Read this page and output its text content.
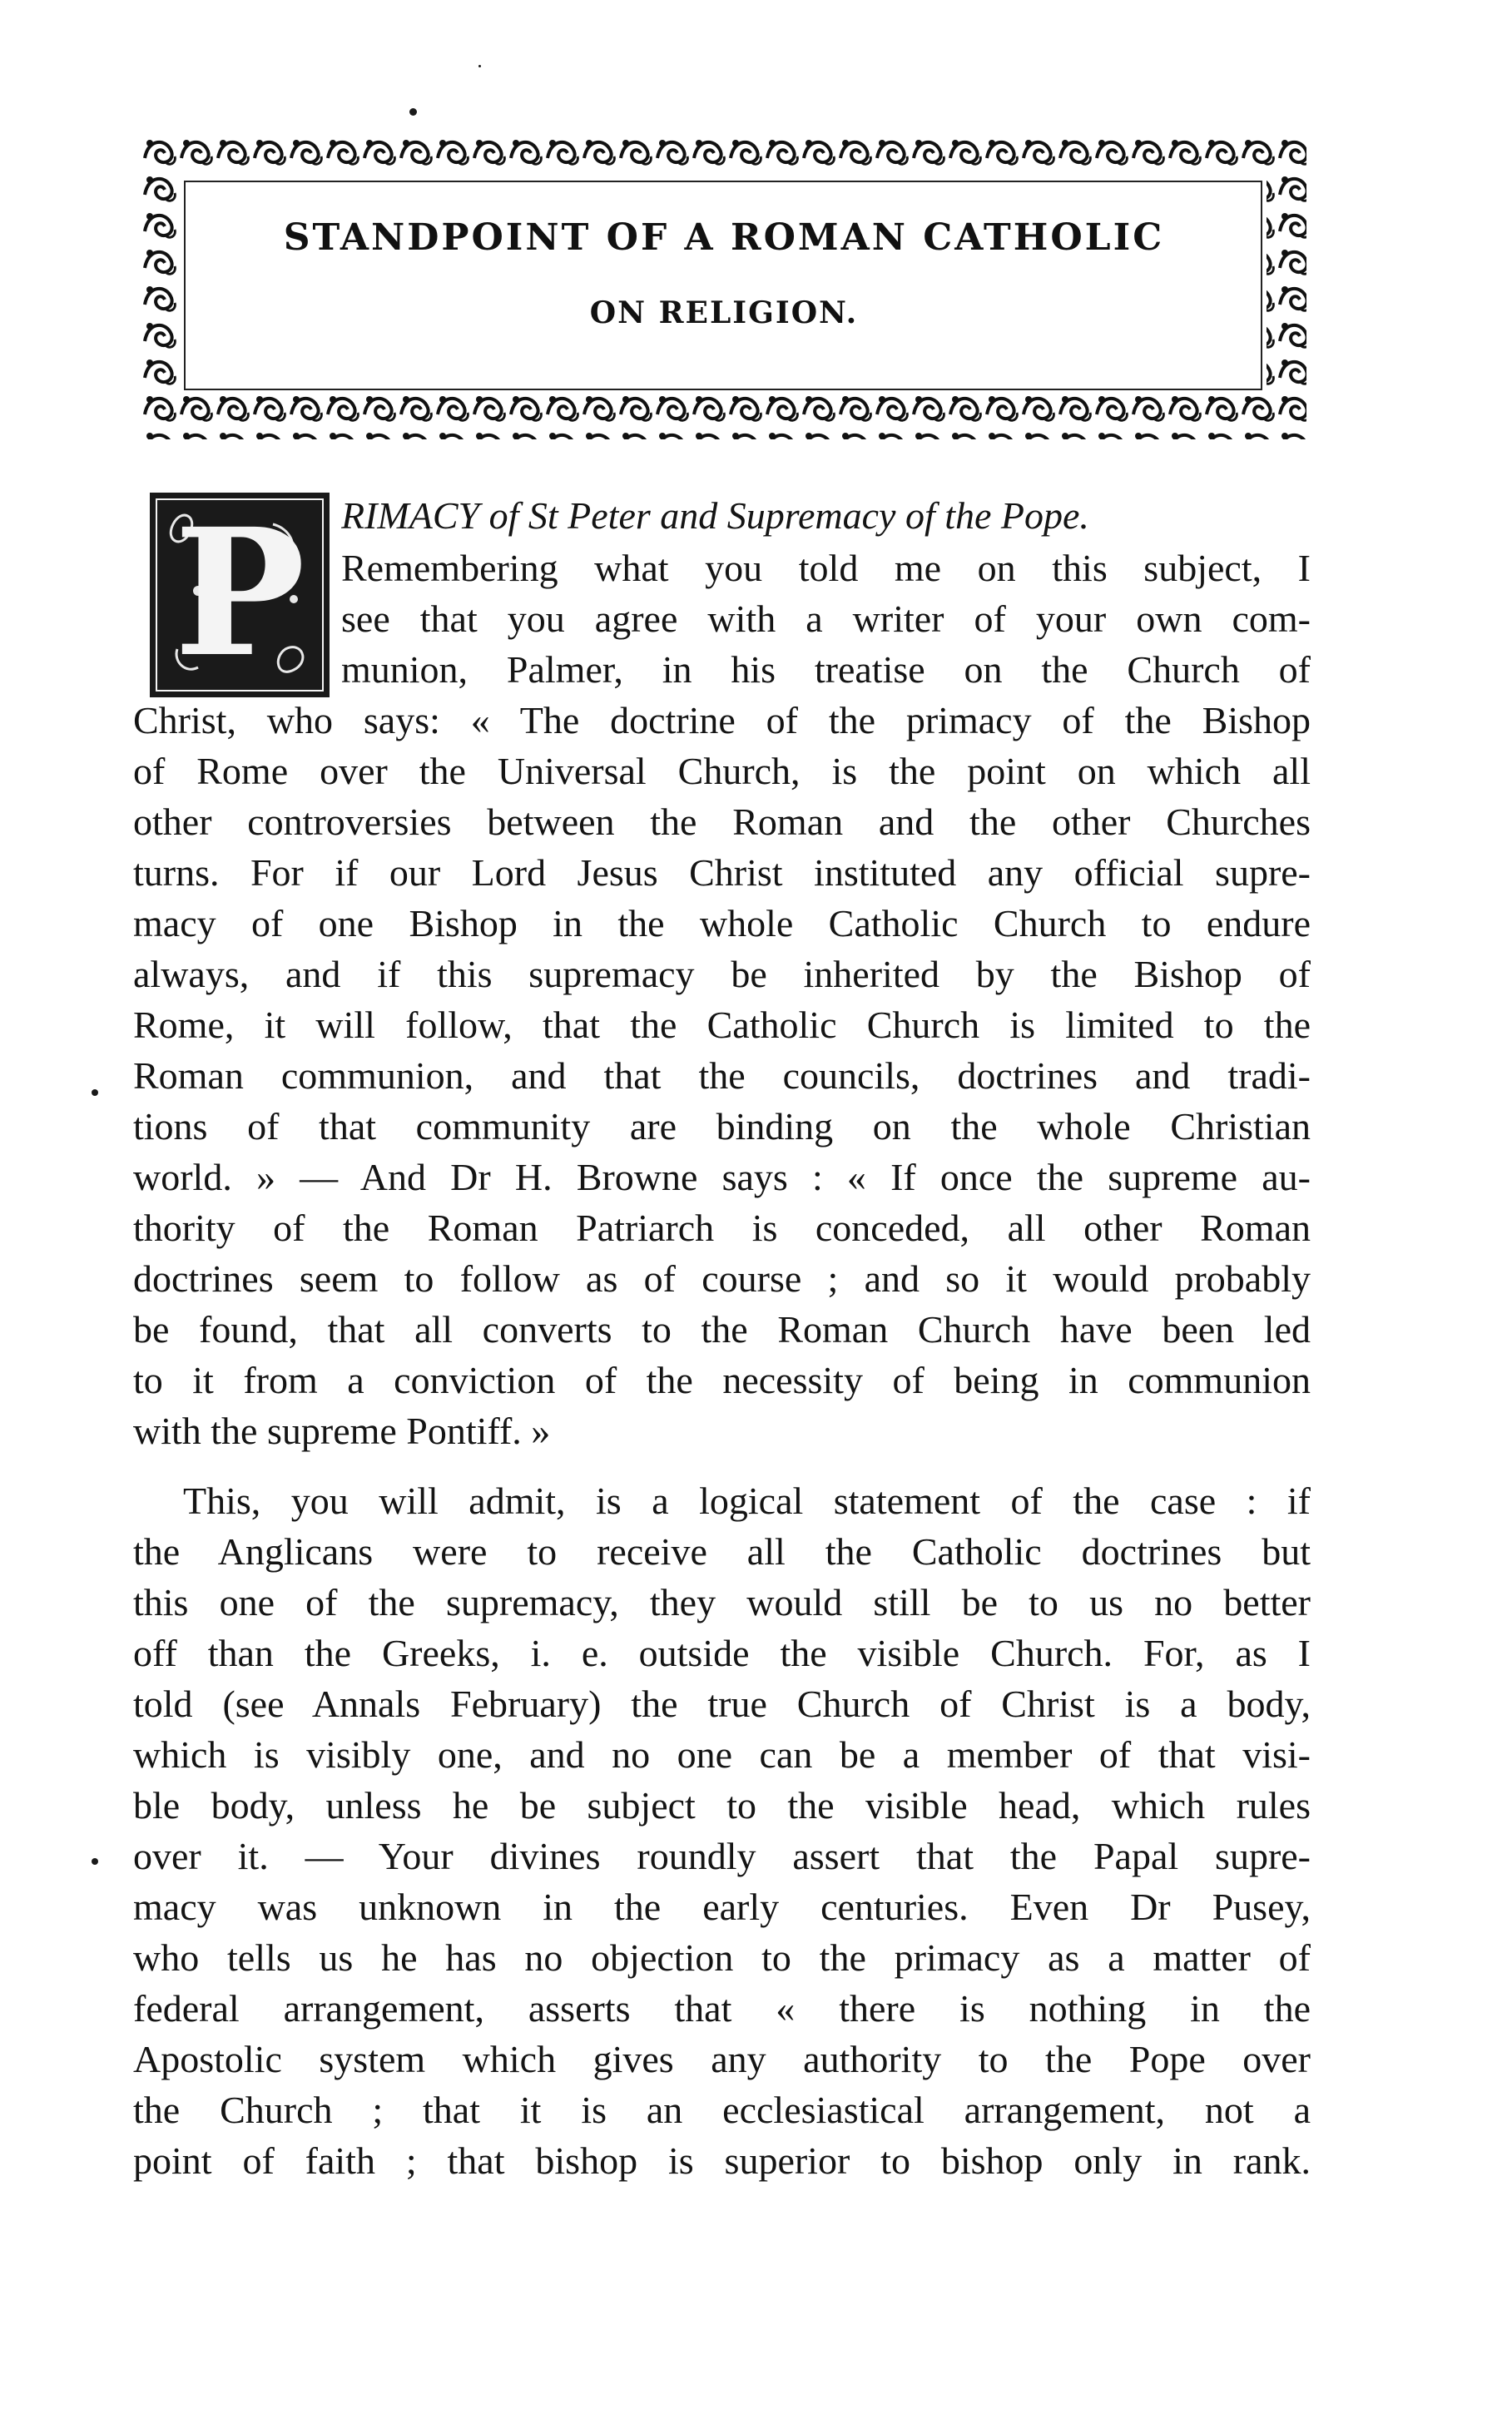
STANDPOINT OF A ROMAN CATHOLIC
ON RELIGION.
P RIMACY of St Peter and Supremacy of the Pope.
Remembering what you told me on this subject, I
see that you agree with a writer of your own com-
munion, Palmer, in his treatise on the Church of
Christ, who says: « The doctrine of the primacy of the Bishop
of Rome over the Universal Church, is the point on which all
other controversies between the Roman and the other Churches
turns. For if our Lord Jesus Christ instituted any official supre-
macy of one Bishop in the whole Catholic Church to endure
always, and if this supremacy be inherited by the Bishop of
Rome, it will follow, that the Catholic Church is limited to the
Roman communion, and that the councils, doctrines and tradi-
tions of that community are binding on the whole Christian
world. » — And Dr H. Browne says : « If once the supreme au-
thority of the Roman Patriarch is conceded, all other Roman
doctrines seem to follow as of course ; and so it would probably
be found, that all converts to the Roman Church have been led
to it from a conviction of the necessity of being in communion
with the supreme Pontiff. »
This, you will admit, is a logical statement of the case : if
the Anglicans were to receive all the Catholic doctrines but
this one of the supremacy, they would still be to us no better
off than the Greeks, i. e. outside the visible Church. For, as I
told (see Annals February) the true Church of Christ is a body,
which is visibly one, and no one can be a member of that visi-
ble body, unless he be subject to the visible head, which rules
over it. — Your divines roundly assert that the Papal supre-
macy was unknown in the early centuries. Even Dr Pusey,
who tells us he has no objection to the primacy as a matter of
federal arrangement, asserts that « there is nothing in the
Apostolic system which gives any authority to the Pope over
the Church ; that it is an ecclesiastical arrangement, not a
point of faith ; that bishop is superior to bishop only in rank.
